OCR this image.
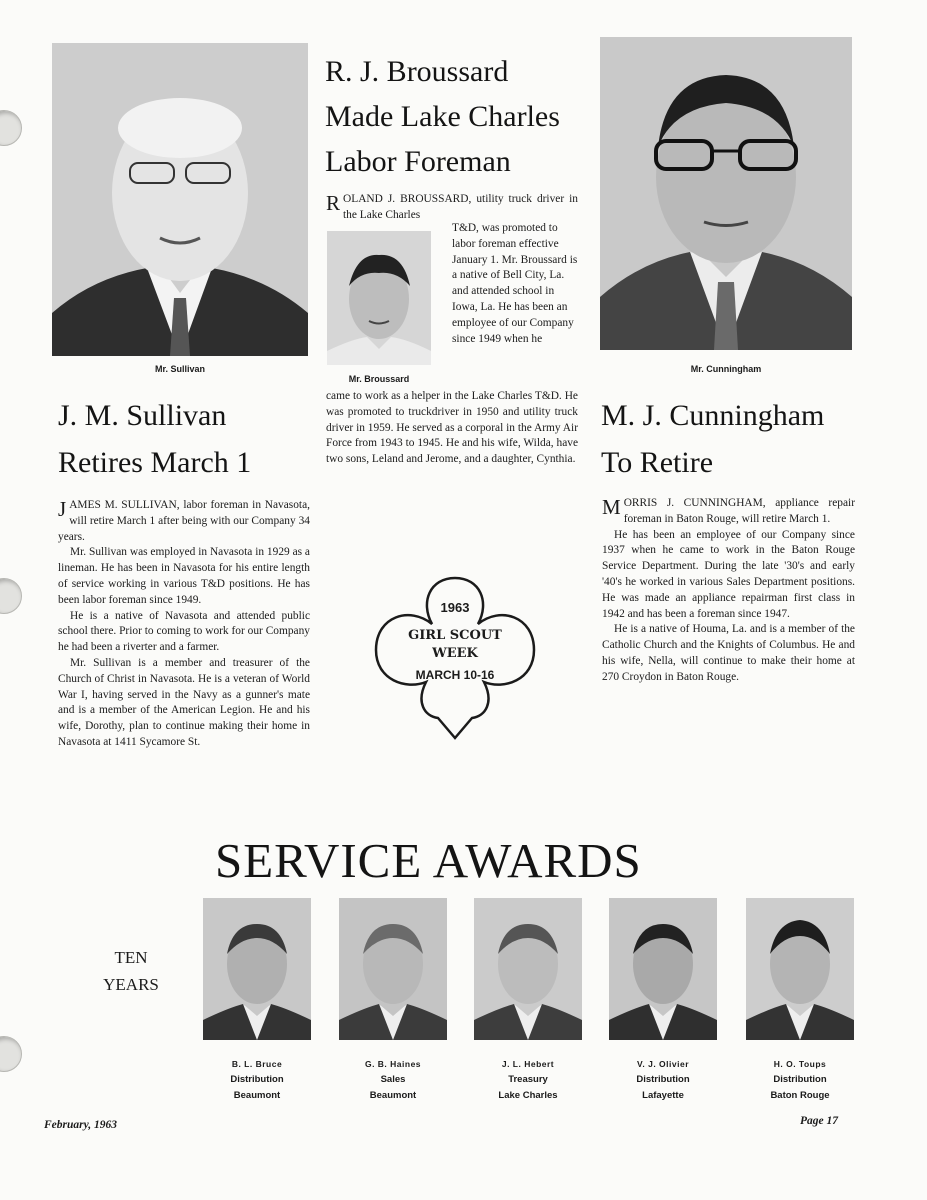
Mr. Sullivan
J. M. Sullivan
Retires March 1

JAMES M. SULLIVAN, labor foreman in Navasota, will retire March 1 after being with our Company 34 years.

Mr. Sullivan was employed in Navasota in 1929 as a lineman. He has been in Navasota for his entire length of service working in various T&D positions. He has been labor foreman since 1949.

He is a native of Navasota and attended public school there. Prior to coming to work for our Company he had been a riverter and a farmer.

Mr. Sullivan is a member and treasurer of the Church of Christ in Navasota. He is a veteran of World War I, having served in the Navy as a gunner's mate and is a member of the American Legion. He and his wife, Dorothy, plan to continue making their home in Navasota at 1411 Sycamore St.

R. J. Broussard
Made Lake Charles
Labor Foreman

ROLAND J. BROUSSARD, utility truck driver in the Lake Charles

Mr. Broussard
T&D, was promoted to labor foreman effective January 1. Mr. Broussard is a native of Bell City, La. and attended school in Iowa, La. He has been an employee of our Company since 1949 when he
came to work as a helper in the Lake Charles T&D. He was promoted to truckdriver in 1950 and utility truck driver in 1959. He served as a corporal in the Army Air Force from 1943 to 1945. He and his wife, Wilda, have two sons, Leland and Jerome, and a daughter, Cynthia.
1963
GIRL SCOUT
WEEK
MARCH 10-16
Mr. Cunningham
M. J. Cunningham
To Retire

MORRIS J. CUNNINGHAM, appliance repair foreman in Baton Rouge, will retire March 1.

He has been an employee of our Company since 1937 when he came to work in the Baton Rouge Service Department. During the late '30's and early '40's he worked in various Sales Department positions. He was made an appliance repairman first class in 1942 and has been a foreman since 1947.

He is a native of Houma, La. and is a member of the Catholic Church and the Knights of Columbus. He and his wife, Nella, will continue to make their home at 270 Croydon in Baton Rouge.

SERVICE AWARDS
TEN
YEARS
B. L. Bruce
Distribution
Beaumont
G. B. Haines
Sales
Beaumont
J. L. Hebert
Treasury
Lake Charles
V. J. Olivier
Distribution
Lafayette
H. O. Toups
Distribution
Baton Rouge
February, 1963	Page 17
